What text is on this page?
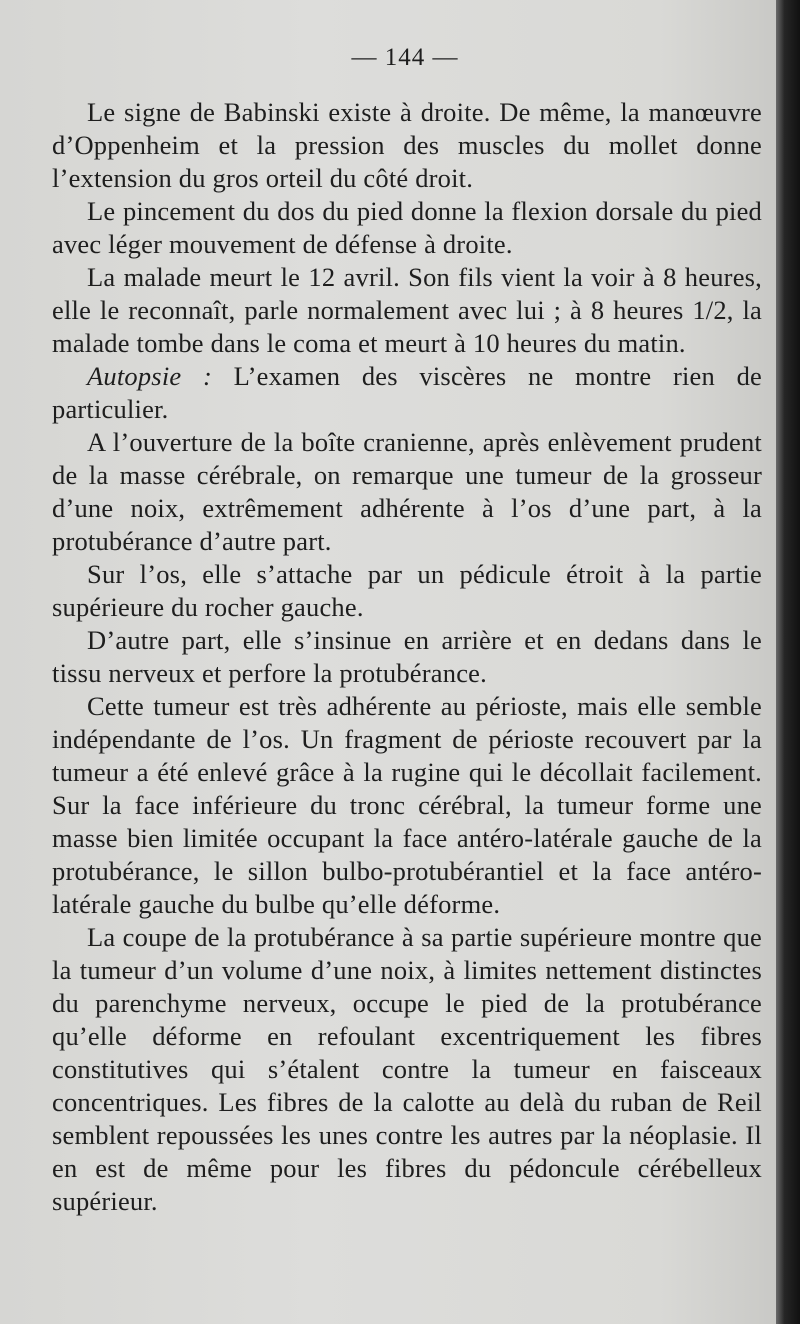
— 144 —

Le signe de Babinski existe à droite. De même, la manœuvre d’Oppenheim et la pression des muscles du mollet donne l’extension du gros orteil du côté droit.

Le pincement du dos du pied donne la flexion dorsale du pied avec léger mouvement de défense à droite.

La malade meurt le 12 avril. Son fils vient la voir à 8 heures, elle le reconnaît, parle normalement avec lui ; à 8 heures 1/2, la malade tombe dans le coma et meurt à 10 heures du matin.

Autopsie : L’examen des viscères ne montre rien de particulier.

A l’ouverture de la boîte cranienne, après enlèvement prudent de la masse cérébrale, on remarque une tumeur de la grosseur d’une noix, extrêmement adhérente à l’os d’une part, à la protubérance d’autre part.

Sur l’os, elle s’attache par un pédicule étroit à la partie supérieure du rocher gauche.

D’autre part, elle s’insinue en arrière et en dedans dans le tissu nerveux et perfore la protubérance.

Cette tumeur est très adhérente au périoste, mais elle semble indépendante de l’os. Un fragment de périoste recouvert par la tumeur a été enlevé grâce à la rugine qui le décollait facilement. Sur la face inférieure du tronc cérébral, la tumeur forme une masse bien limitée occupant la face antéro-latérale gauche de la protubérance, le sillon bulbo-protubérantiel et la face antéro-latérale gauche du bulbe qu’elle déforme.

La coupe de la protubérance à sa partie supérieure montre que la tumeur d’un volume d’une noix, à limites nettement distinctes du parenchyme nerveux, occupe le pied de la protubérance qu’elle déforme en refoulant excentriquement les fibres constitutives qui s’étalent contre la tumeur en faisceaux concentriques. Les fibres de la calotte au delà du ruban de Reil semblent repoussées les unes contre les autres par la néoplasie. Il en est de même pour les fibres du pédoncule cérébelleux supérieur.
